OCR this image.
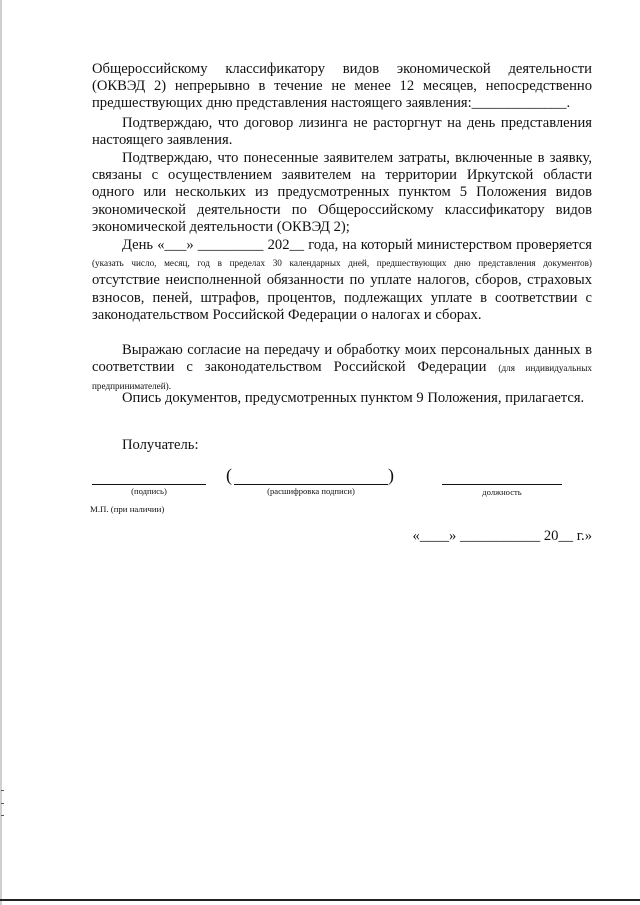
Общероссийскому классификатору видов экономической деятельности (ОКВЭД 2) непрерывно в течение не менее 12 месяцев, непосредственно предшествующих дню представления настоящего заявления:_____________.

Подтверждаю, что договор лизинга не расторгнут на день представления настоящего заявления.

Подтверждаю, что понесенные заявителем затраты, включенные в заявку, связаны с осуществлением заявителем на территории Иркутской области одного или нескольких из предусмотренных пунктом 5 Положения видов экономической деятельности по Общероссийскому классификатору видов экономической деятельности (ОКВЭД 2);

День «___» _________ 202__ года, на который министерством проверяется (указать число, месяц, год в пределах 30 календарных дней, предшествующих дню представления документов) отсутствие неисполненной обязанности по уплате налогов, сборов, страховых взносов, пеней, штрафов, процентов, подлежащих уплате в соответствии с законодательством Российской Федерации о налогах и сборах.

Выражаю согласие на передачу и обработку моих персональных данных в соответствии с законодательством Российской Федерации (для индивидуальных предпринимателей).

Опись документов, предусмотренных пунктом 9 Положения, прилагается.

Получатель:
(подпись)
(	)
(расшифровка подписи)	должность
М.П. (при наличии)
«____» ___________ 20__ г.»
